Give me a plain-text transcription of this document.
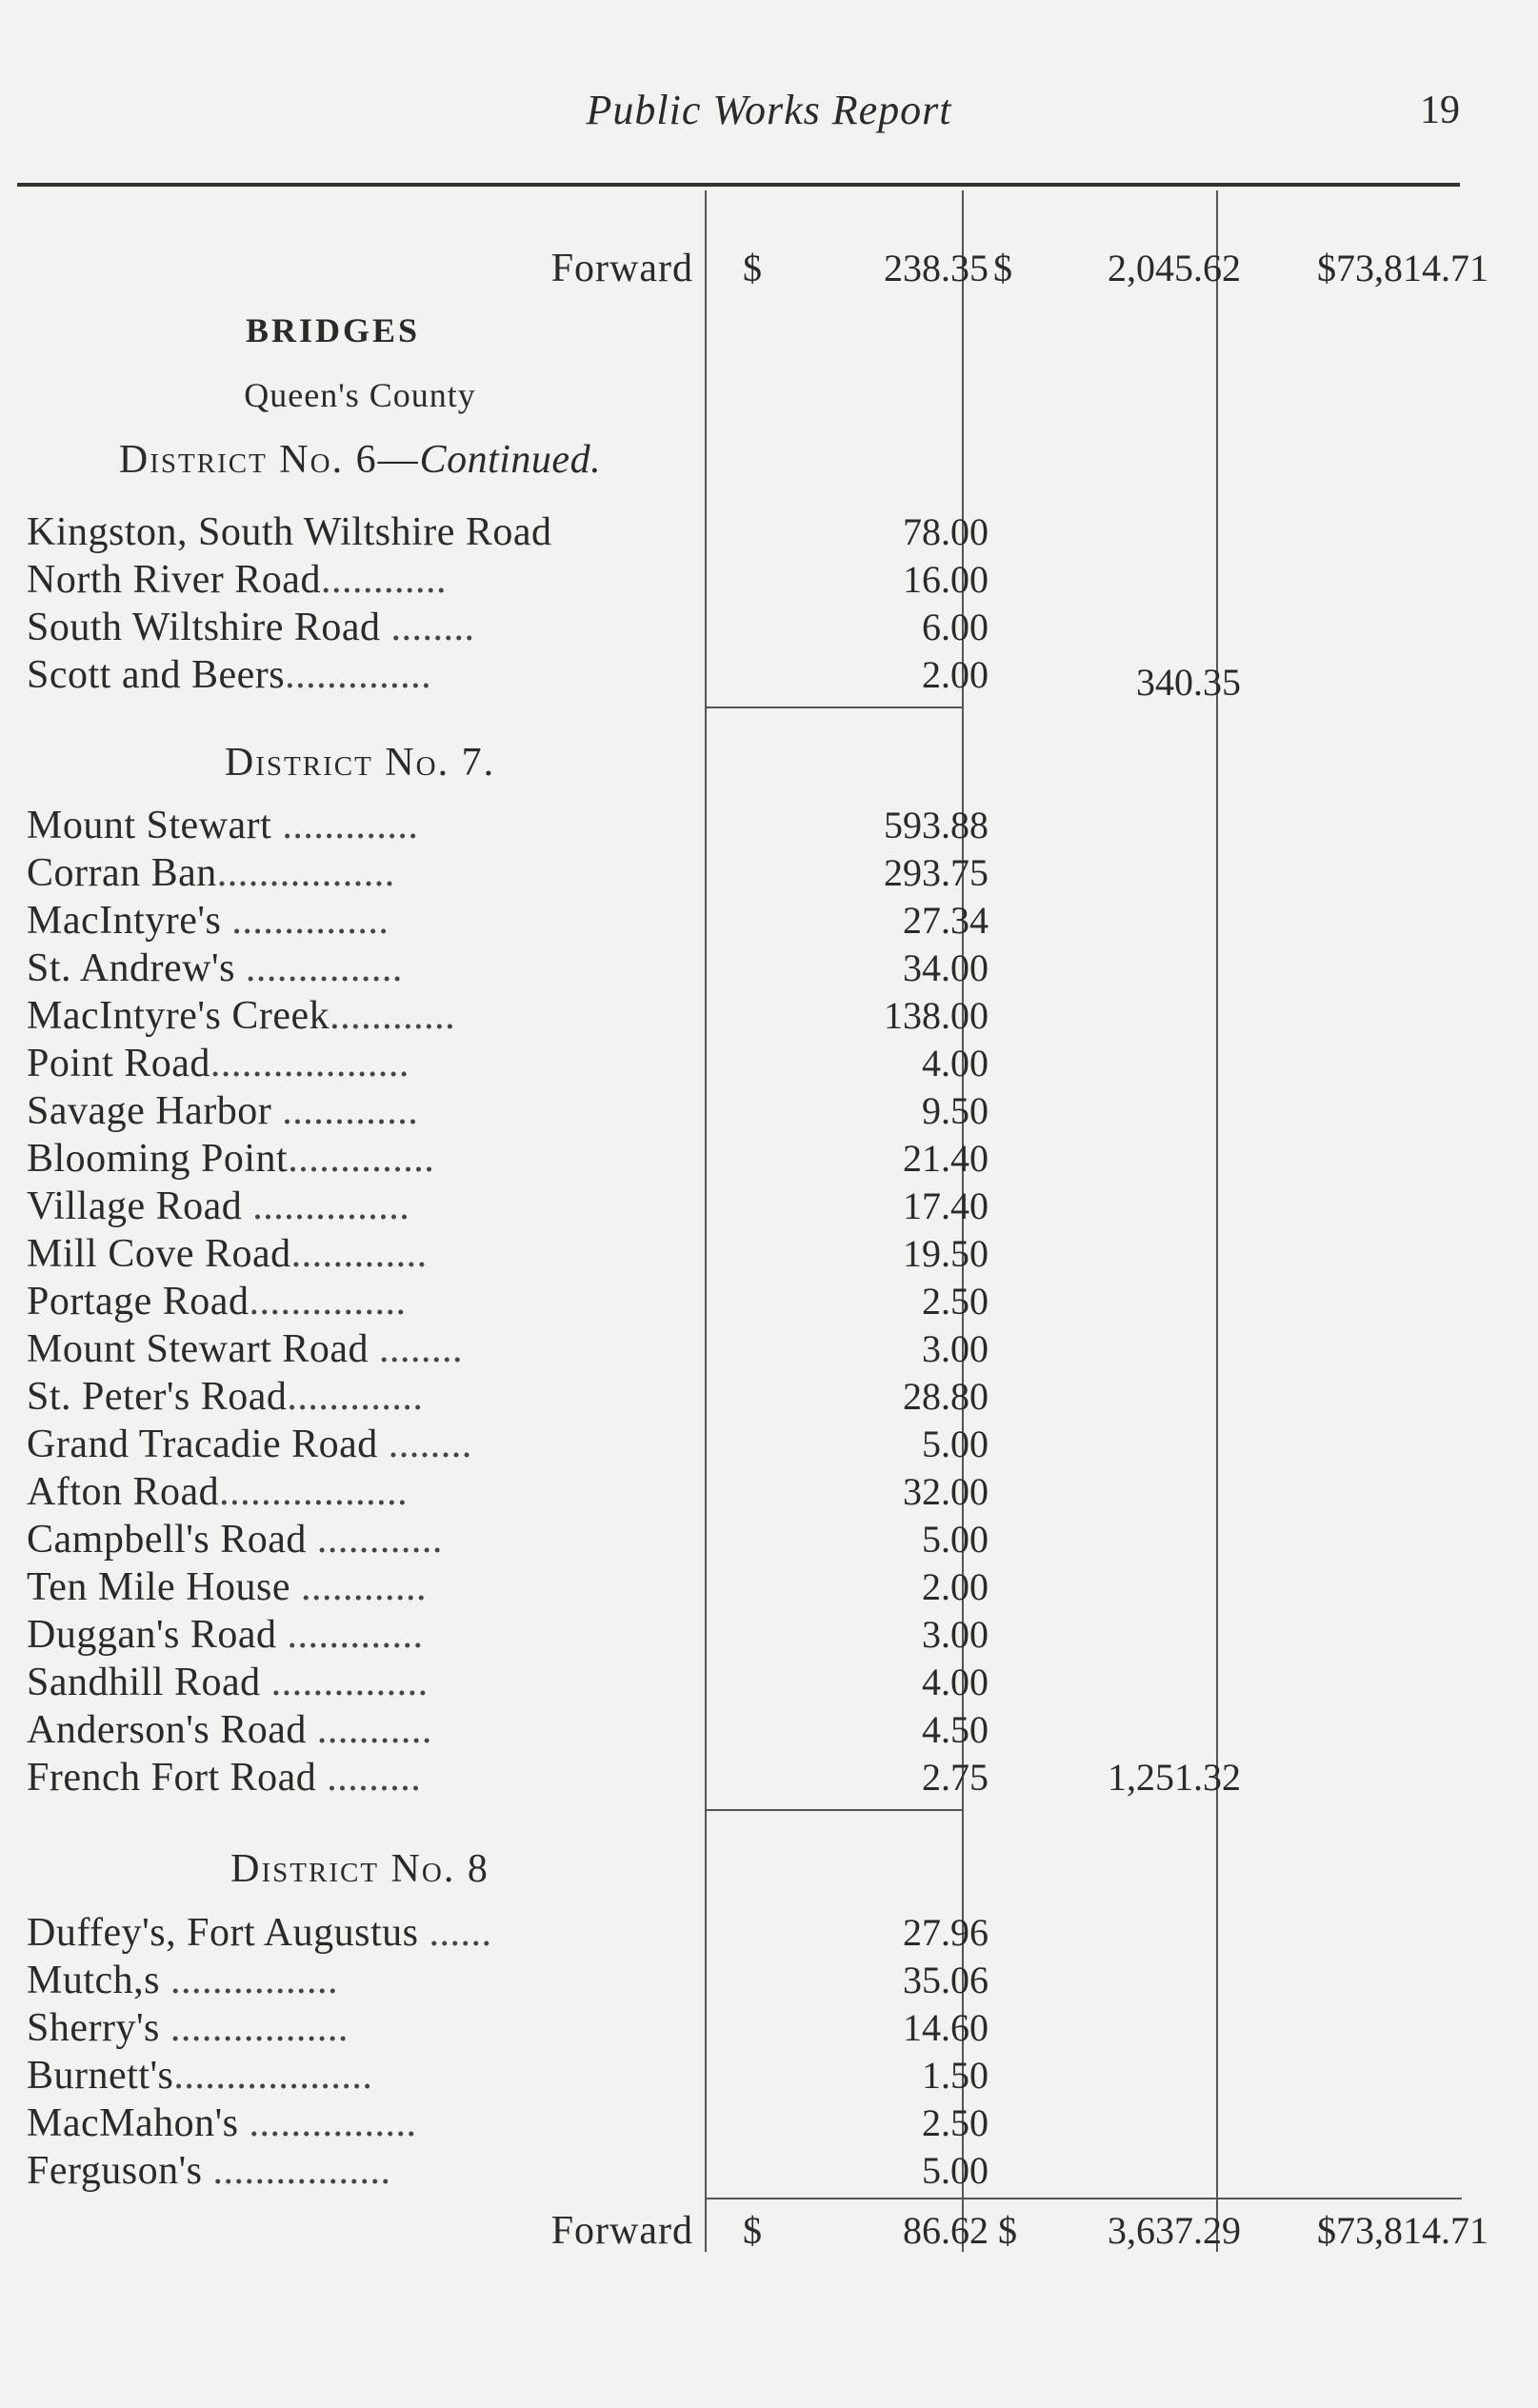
Public Works Report	19
Forward $	238.35 $	2,045.62	$73,814.71
BRIDGES
Queen's County
District No. 6—Continued.
Kingston, South Wiltshire Road	78.00
North River Road............	16.00
South Wiltshire Road ........	6.00
Scott and Beers..............	2.00	340.35
District No. 7.
Mount Stewart .............	593.88
Corran Ban.................	293.75
MacIntyre's ...............	27.34
St. Andrew's ...............	34.00
MacIntyre's Creek............	138.00
Point Road...................	4.00
Savage Harbor .............	9.50
Blooming Point..............	21.40
Village Road ...............	17.40
Mill Cove Road.............	19.50
Portage Road...............	2.50
Mount Stewart Road ........	3.00
St. Peter's Road.............	28.80
Grand Tracadie Road ........	5.00
Afton Road..................	32.00
Campbell's Road ............	5.00
Ten Mile House ............	2.00
Duggan's Road .............	3.00
Sandhill Road ...............	4.00
Anderson's Road ...........	4.50
French Fort Road .........	2.75	1,251.32
District No. 8
Duffey's, Fort Augustus ......	27.96
Mutch,s ................	35.06
Sherry's .................	14.60
Burnett's...................	1.50
MacMahon's ................	2.50
Ferguson's .................	5.00
Forward $	86.62 $	3,637.29	$73,814.71
